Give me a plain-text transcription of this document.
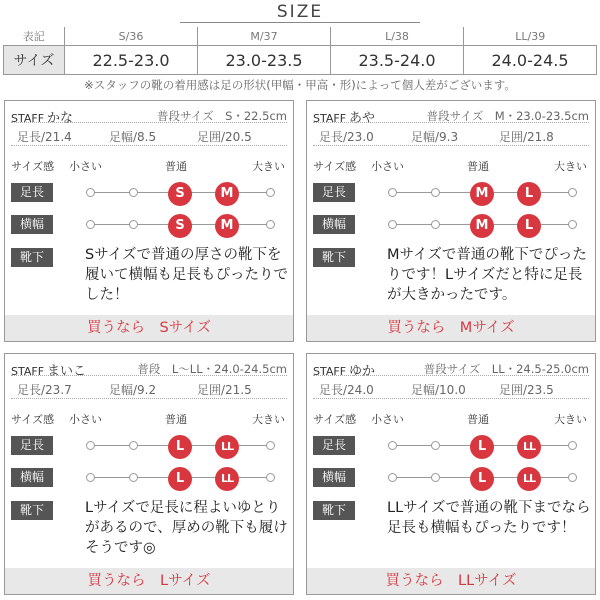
SIZE
表記	S/36	M/37	L/38	LL/39
サイズ	22.5-23.0	23.0-23.5	23.5-24.0	24.0-24.5
※スタッフの靴の着用感は足の形状(甲幅・甲高・形)によって個人差がございます。
STAFF かな	普段サイズ　S・22.5cm
足長/21.4	足幅/8.5	足囲/20.5
サイズ感 小さい	普通	大きい
足長	S	M
横幅	S	M
靴下	Sサイズで普通の厚さの靴下を履いて横幅も足長もぴったりでした！
買うなら　Sサイズ
STAFF あや	普段サイズ　M・23.0-23.5cm
足長/23.0	足幅/9.3	足囲/21.8
サイズ感 小さい	普通	大きい
足長	M	L
横幅	M	L
靴下	Mサイズで普通の靴下でぴったりです！Lサイズだと特に足長が大きかったです。
買うなら　Mサイズ
STAFF まいこ	普段　L〜LL・24.0-24.5cm
足長/23.7	足幅/9.2	足囲/21.5
サイズ感 小さい	普通	大きい
足長	L	LL
横幅	L	LL
靴下	Lサイズで足長に程よいゆとりがあるので、厚めの靴下も履けそうです◎
買うなら　Lサイズ
STAFF ゆか	普段サイズ　LL・24.5-25.0cm
足長/24.0	足幅/10.0	足囲/23.5
サイズ感 小さい	普通	大きい
足長	L	LL
横幅	L	LL
靴下	LLサイズで普通の靴下までなら足長も横幅もぴったりです！
買うなら　LLサイズ
